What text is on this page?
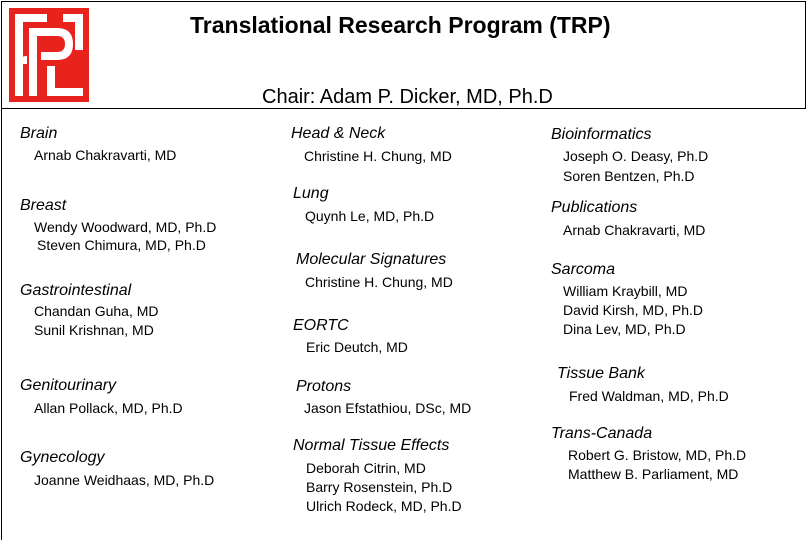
Translational Research Program (TRP)
Chair: Adam P. Dicker, MD, Ph.D
Brain
Arnab Chakravarti, MD
Breast
Wendy Woodward, MD, Ph.D
Steven Chimura, MD, Ph.D
Gastrointestinal
Chandan Guha, MD
Sunil Krishnan, MD
Genitourinary
Allan Pollack, MD, Ph.D
Gynecology
Joanne Weidhaas, MD, Ph.D
Head & Neck
Christine H. Chung, MD
Lung
Quynh Le, MD, Ph.D
Molecular Signatures
Christine H. Chung, MD
EORTC
Eric Deutch, MD
Protons
Jason Efstathiou, DSc, MD
Normal Tissue Effects
Deborah Citrin, MD
Barry Rosenstein, Ph.D
Ulrich Rodeck, MD, Ph.D
Bioinformatics
Joseph O. Deasy, Ph.D
Soren Bentzen, Ph.D
Publications
Arnab Chakravarti, MD
Sarcoma
William Kraybill, MD
David Kirsh, MD, Ph.D
Dina Lev, MD, Ph.D
Tissue Bank
Fred Waldman, MD, Ph.D
Trans-Canada
Robert G. Bristow, MD, Ph.D
Matthew B. Parliament, MD
